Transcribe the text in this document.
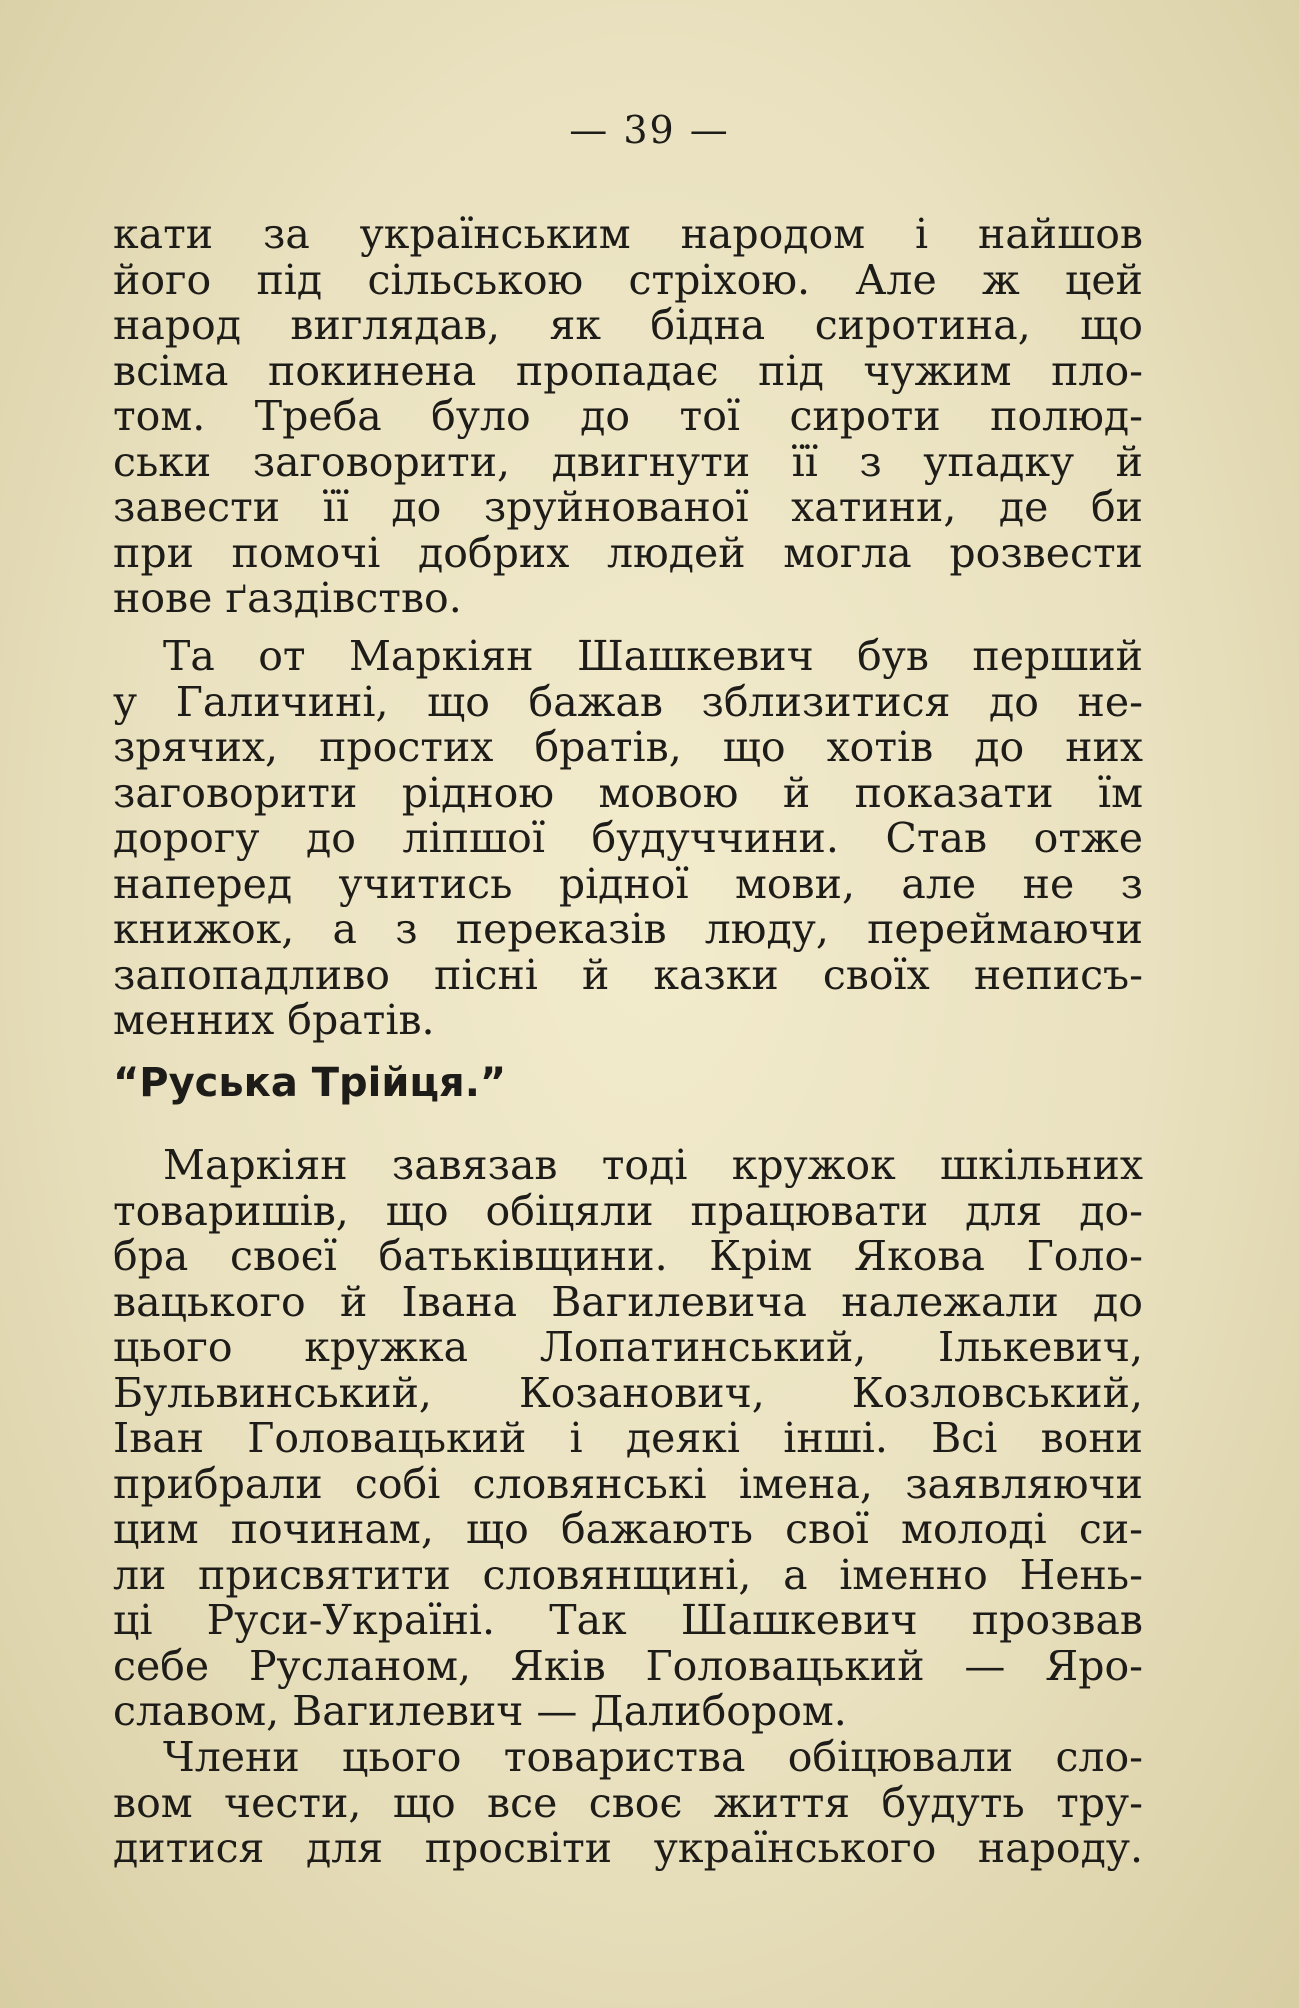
— 39 —
кати за українським народом і найшов
його під сільською стріхою. Але ж цей
народ виглядав, як бідна сиротина, що
всіма покинена пропадає під чужим пло-
том. Треба було до тої сироти полюд-
ськи заговорити, двигнути її з упадку й
завести її до зруйнованої хатини, де би
при помочі добрих людей могла розвести
нове ґаздівство.
Та от Маркіян Шашкевич був перший
у Галичині, що бажав зблизитися до не-
зрячих, простих братів, що хотів до них
заговорити рідною мовою й показати їм
дорогу до ліпшої будуччини. Став отже
наперед учитись рідної мови, але не з
книжок, а з переказів люду, переймаючи
запопадливо пісні й казки своїх неписъ-
менних братів.
“Руська Трійця.”
Маркіян завязав тоді кружок шкільних
товаришів, що обіцяли працювати для до-
бра своєї батьківщини. Крім Якова Голо-
вацького й Івана Вагилевича належали до
цього кружка Лопатинський, Ількевич,
Бульвинський, Козанович, Козловський,
Іван Головацький і деякі інші. Всі вони
прибрали собі словянські імена, заявляючи
цим починам, що бажають свої молоді си-
ли присвятити словянщині, а іменно Нень-
ці Руси-Україні. Так Шашкевич прозвав
себе Русланом, Яків Головацький — Яро-
славом, Вагилевич — Далибором.
Члени цього товариства обіцювали сло-
вом чести, що все своє життя будуть тру-
дитися для просвіти українського народу.
